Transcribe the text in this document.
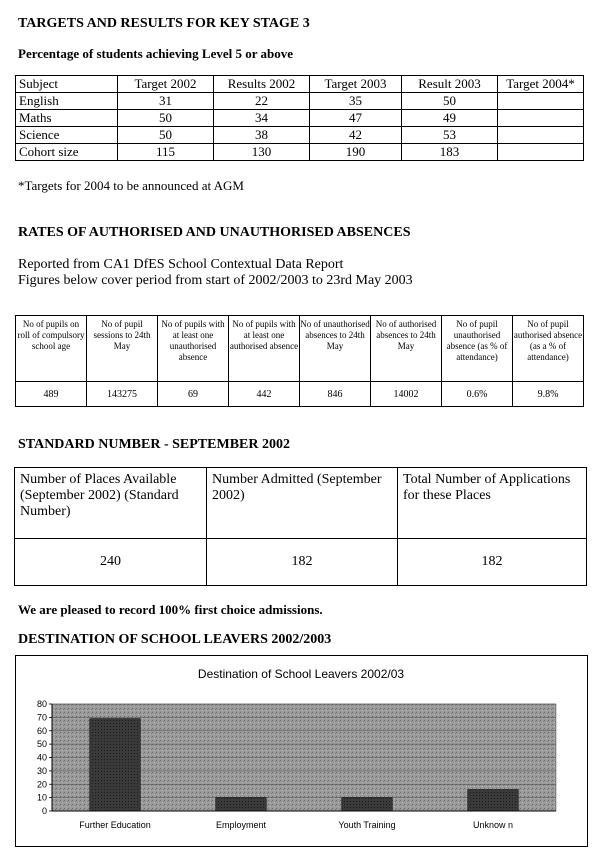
TARGETS AND RESULTS FOR KEY STAGE 3
Percentage of students achieving Level 5 or above
Subject	Target 2002	Results 2002	Target 2003	Result 2003	Target 2004*
English	31	22	35	50	
Maths	50	34	47	49	
Science	50	38	42	53	
Cohort size	115	130	190	183	
*Targets for 2004 to be announced at AGM
RATES OF AUTHORISED AND UNAUTHORISED ABSENCES
Reported from CA1 DfES School Contextual Data Report
Figures below cover period from start of 2002/2003 to 23rd May 2003
No of pupils on roll of compulsory school age	No of pupil sessions to 24th May	No of pupils with at least one unauthorised absence	No of pupils with at least one authorised absence	No of unauthorised absences to 24th May	No of authorised absences to 24th May	No of pupil unauthorised absence (as % of attendance)	No of pupil authorised absence (as a % of attendance)
489	143275	69	442	846	14002	0.6%	9.8%
STANDARD NUMBER - SEPTEMBER 2002
Number of Places Available (September 2002) (Standard Number)	Number Admitted (September 2002)	Total Number of Applications for these Places
240	182	182
We are pleased to record 100% first choice admissions.
DESTINATION OF SCHOOL LEAVERS 2002/2003
Destination of School Leavers 2002/03
0
10
20
30
40
50
60
70
80
Further Education	Employment	Youth Training	Unknow n
